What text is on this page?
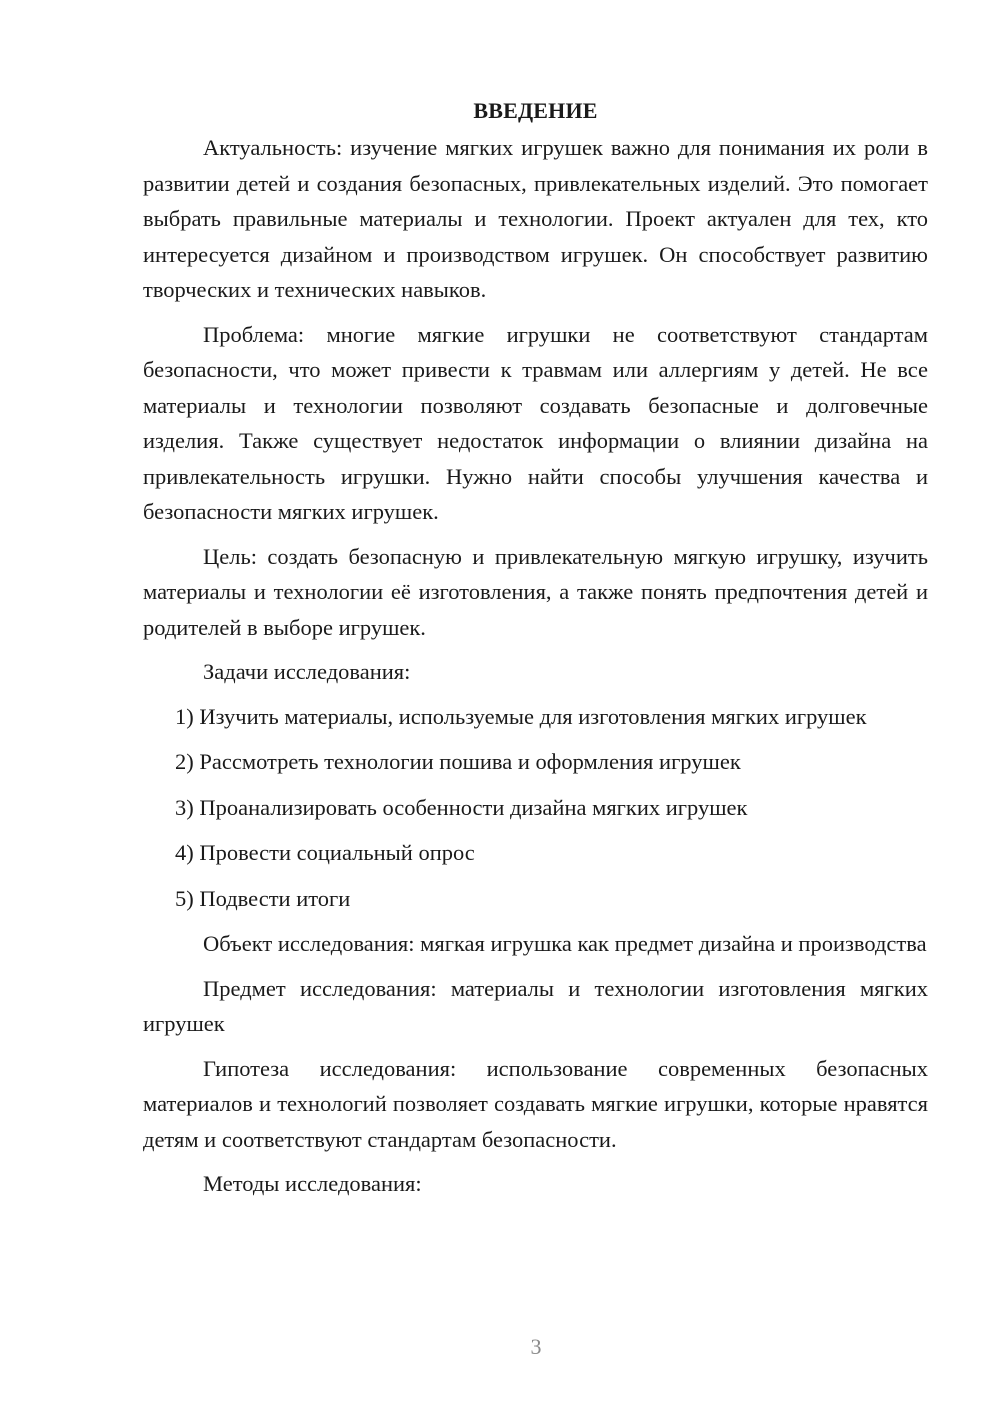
ВВЕДЕНИЕ
Актуальность: изучение мягких игрушек важно для понимания их роли в развитии детей и создания безопасных, привлекательных изделий. Это помогает выбрать правильные материалы и технологии. Проект актуален для тех, кто интересуется дизайном и производством игрушек. Он способствует развитию творческих и технических навыков.
Проблема: многие мягкие игрушки не соответствуют стандартам безопасности, что может привести к травмам или аллергиям у детей. Не все материалы и технологии позволяют создавать безопасные и долговечные изделия. Также существует недостаток информации о влиянии дизайна на привлекательность игрушки. Нужно найти способы улучшения качества и безопасности мягких игрушек.
Цель: создать безопасную и привлекательную мягкую игрушку, изучить материалы и технологии её изготовления, а также понять предпочтения детей и родителей в выборе игрушек.
Задачи исследования:
1) Изучить материалы, используемые для изготовления мягких игрушек
2) Рассмотреть технологии пошива и оформления игрушек
3) Проанализировать особенности дизайна мягких игрушек
4) Провести социальный опрос
5) Подвести итоги
Объект исследования: мягкая игрушка как предмет дизайна и производства
Предмет исследования: материалы и технологии изготовления мягких игрушек
Гипотеза исследования: использование современных безопасных материалов и технологий позволяет создавать мягкие игрушки, которые нравятся детям и соответствуют стандартам безопасности.
Методы исследования:
3
